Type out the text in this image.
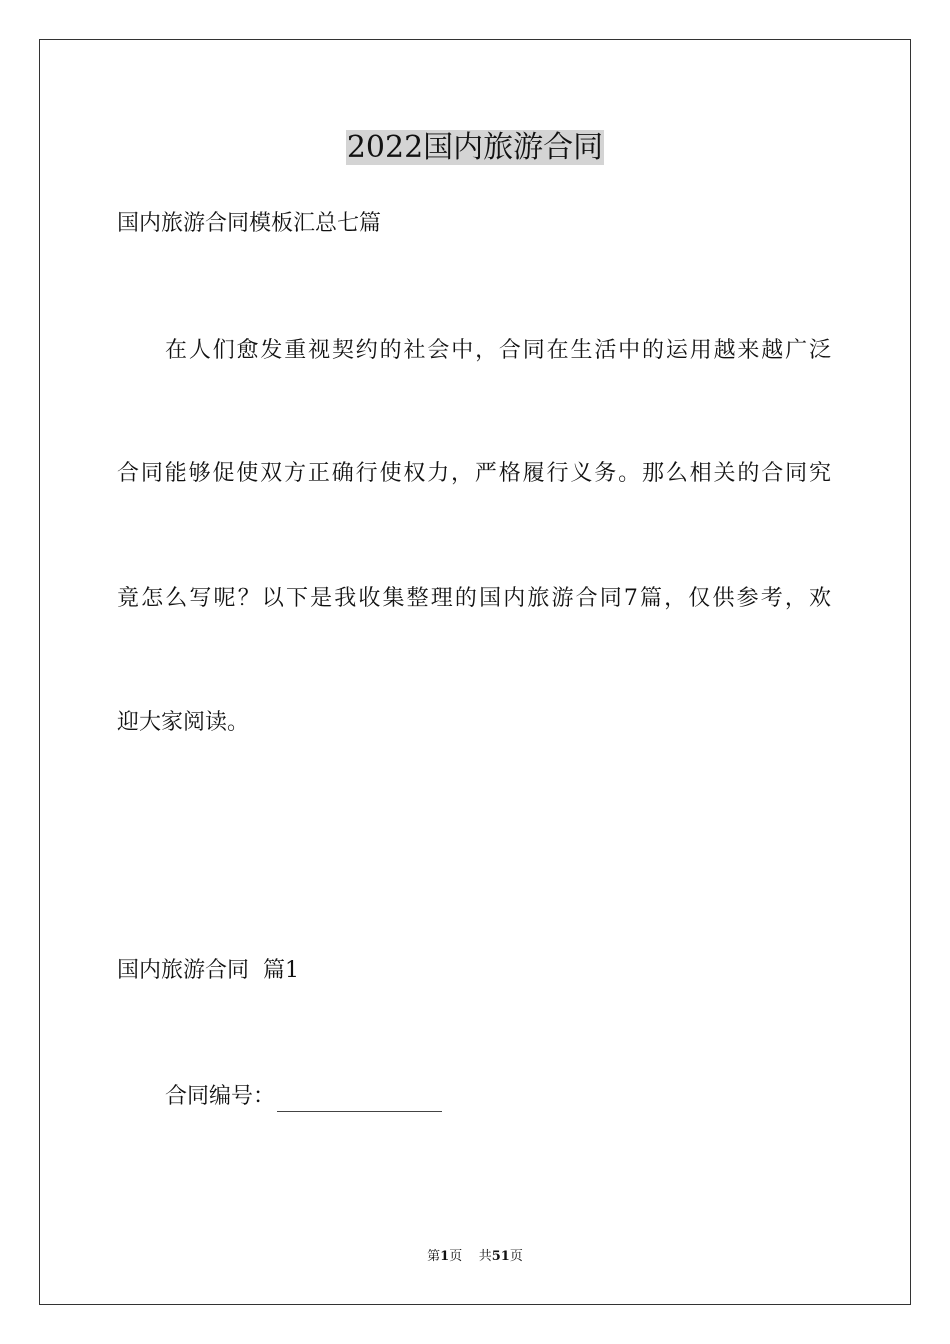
2022国内旅游合同
国内旅游合同模板汇总七篇
在人们愈发重视契约的社会中，合同在生活中的运用越来越广泛
合同能够促使双方正确行使权力，严格履行义务。那么相关的合同究
竟怎么写呢？以下是我收集整理的国内旅游合同7篇，仅供参考，欢
迎大家阅读。
国内旅游合同  篇1
合同编号：
第1页 共51页
